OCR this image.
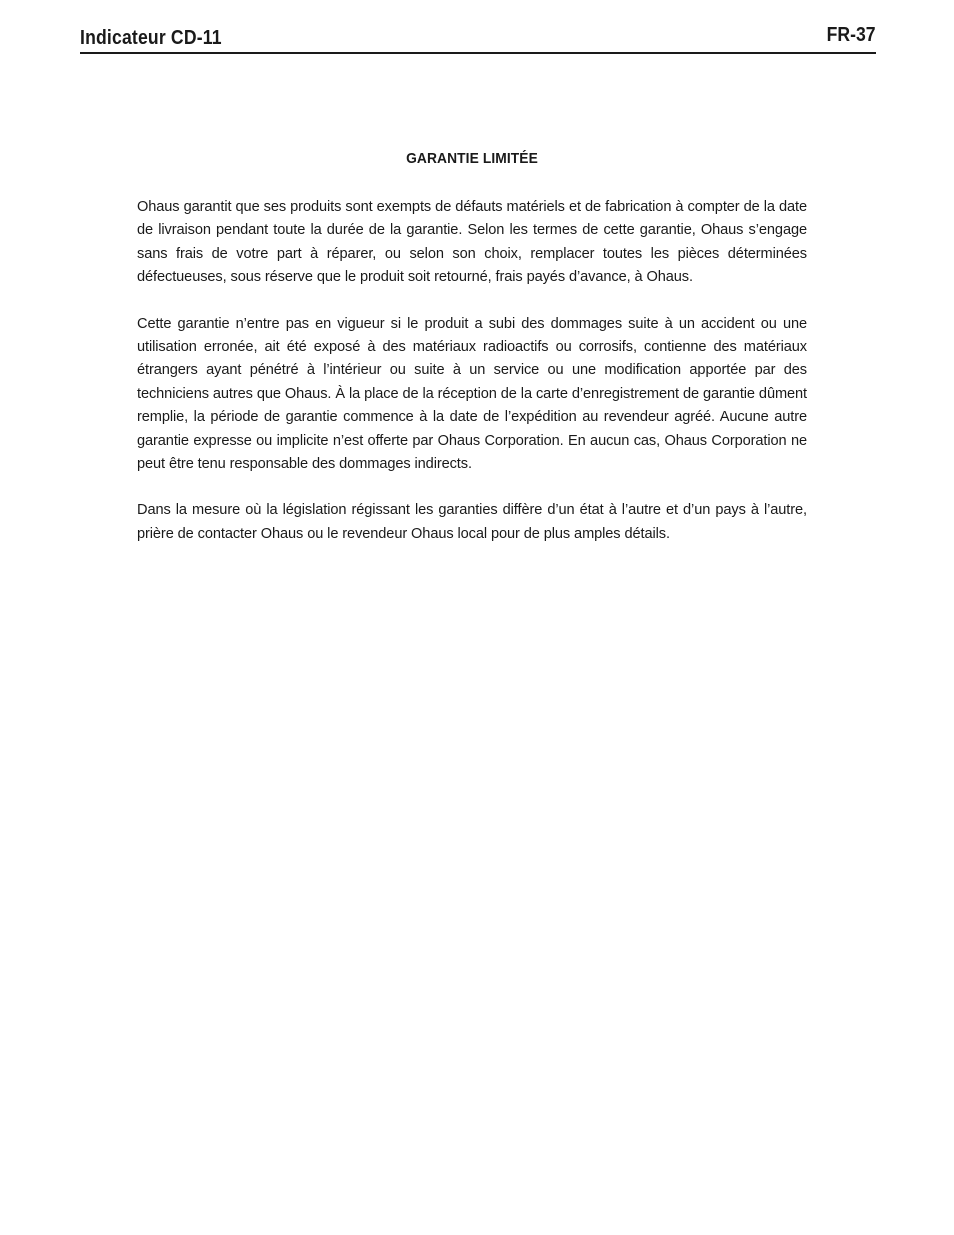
Indicateur CD-11	FR-37
GARANTIE LIMITÉE

Ohaus garantit que ses produits sont exempts de défauts matériels et de fabrication à compter de la date de livraison pendant toute la durée de la garantie. Selon les termes de cette garantie, Ohaus s’engage sans frais de votre part à réparer, ou selon son choix, remplacer toutes les pièces déterminées défectueuses, sous réserve que le produit soit retourné, frais payés d’avance, à Ohaus.

Cette garantie n’entre pas en vigueur si le produit a subi des dommages suite à un accident ou une utilisation erronée, ait été exposé à des matériaux radioactifs ou corrosifs, contienne des matériaux étrangers ayant pénétré à l’intérieur ou suite à un service ou une modification apportée par des techniciens autres que Ohaus. À la place de la réception de la carte d’enregistrement de garantie dûment remplie, la période de garantie commence à la date de l’expédition au revendeur agréé. Aucune autre garantie expresse ou implicite n’est offerte par Ohaus Corporation. En aucun cas, Ohaus Corporation ne peut être tenu responsable des dommages indirects.

Dans la mesure où la législation régissant les garanties diffère d’un état à l’autre et d’un pays à l’autre, prière de contacter Ohaus ou le revendeur Ohaus local pour de plus amples détails.
